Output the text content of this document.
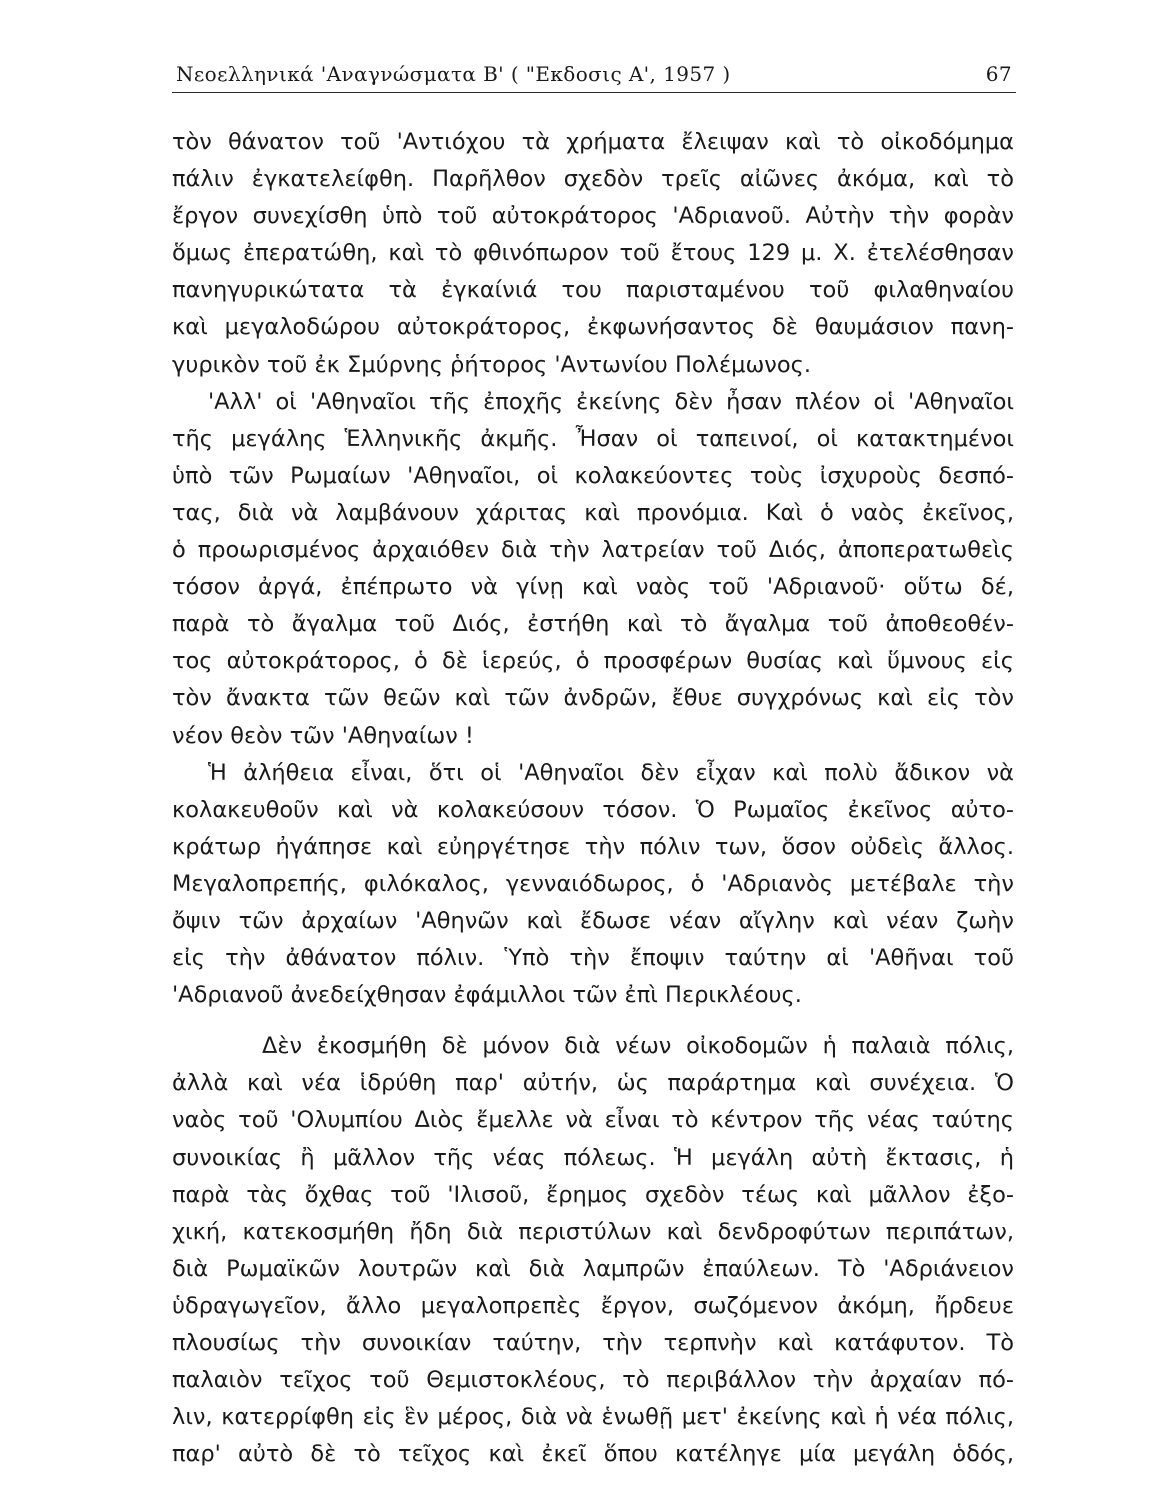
Νεοελληνικά 'Αναγνώσματα Β' ( "Εκδοσις Α', 1957 )	67
τὸν θάνατον τοῦ 'Αντιόχου τὰ χρήματα ἔλειψαν καὶ τὸ οἰκοδόμημα
πάλιν ἐγκατελείφθη. Παρῆλθον σχεδὸν τρεῖς αἰῶνες ἀκόμα, καὶ τὸ
ἔργον συνεχίσθη ὑπὸ τοῦ αὐτοκράτορος 'Αδριανοῦ. Αὐτὴν τὴν φορὰν
ὅμως ἐπερατώθη, καὶ τὸ φθινόπωρον τοῦ ἔτους 129 μ. Χ. ἐτελέσθησαν
πανηγυρικώτατα τὰ ἐγκαίνιά του παρισταμένου τοῦ φιλαθηναίου
καὶ μεγαλοδώρου αὐτοκράτορος, ἐκφωνήσαντος δὲ θαυμάσιον πανη-
γυρικὸν τοῦ ἐκ Σμύρνης ῥήτορος 'Αντωνίου Πολέμωνος.
'Αλλ' οἱ 'Αθηναῖοι τῆς ἐποχῆς ἐκείνης δὲν ἦσαν πλέον οἱ 'Αθηναῖοι
τῆς μεγάλης Ἑλληνικῆς ἀκμῆς. Ἦσαν οἱ ταπεινοί, οἱ κατακτημένοι
ὑπὸ τῶν Ρωμαίων 'Αθηναῖοι, οἱ κολακεύοντες τοὺς ἰσχυροὺς δεσπό-
τας, διὰ νὰ λαμβάνουν χάριτας καὶ προνόμια. Καὶ ὁ ναὸς ἐκεῖνος,
ὁ προωρισμένος ἀρχαιόθεν διὰ τὴν λατρείαν τοῦ Διός, ἀποπερατωθεὶς
τόσον ἀργά, ἐπέπρωτο νὰ γίνῃ καὶ ναὸς τοῦ 'Αδριανοῦ· οὕτω δέ,
παρὰ τὸ ἄγαλμα τοῦ Διός, ἐστήθη καὶ τὸ ἄγαλμα τοῦ ἀποθεοθέν-
τος αὐτοκράτορος, ὁ δὲ ἱερεύς, ὁ προσφέρων θυσίας καὶ ὕμνους εἰς
τὸν ἄνακτα τῶν θεῶν καὶ τῶν ἀνδρῶν, ἔθυε συγχρόνως καὶ εἰς τὸν
νέον θεὸν τῶν 'Αθηναίων !
Ἡ ἀλήθεια εἶναι, ὅτι οἱ 'Αθηναῖοι δὲν εἶχαν καὶ πολὺ ἄδικον νὰ
κολακευθοῦν καὶ νὰ κολακεύσουν τόσον. Ὁ Ρωμαῖος ἐκεῖνος αὐτο-
κράτωρ ἠγάπησε καὶ εὐηργέτησε τὴν πόλιν των, ὅσον οὐδεὶς ἄλλος.
Μεγαλοπρεπής, φιλόκαλος, γενναιόδωρος, ὁ 'Αδριανὸς μετέβαλε τὴν
ὄψιν τῶν ἀρχαίων 'Αθηνῶν καὶ ἔδωσε νέαν αἴγλην καὶ νέαν ζωὴν
εἰς τὴν ἀθάνατον πόλιν. Ὑπὸ τὴν ἔποψιν ταύτην αἱ 'Αθῆναι τοῦ
'Αδριανοῦ ἀνεδείχθησαν ἐφάμιλλοι τῶν ἐπὶ Περικλέους.
Δὲν ἐκοσμήθη δὲ μόνον διὰ νέων οἰκοδομῶν ἡ παλαιὰ πόλις,
ἀλλὰ καὶ νέα ἱδρύθη παρ' αὐτήν, ὡς παράρτημα καὶ συνέχεια. Ὁ
ναὸς τοῦ 'Ολυμπίου Διὸς ἔμελλε νὰ εἶναι τὸ κέντρον τῆς νέας ταύτης
συνοικίας ἢ μᾶλλον τῆς νέας πόλεως. Ἡ μεγάλη αὐτὴ ἔκτασις, ἡ
παρὰ τὰς ὄχθας τοῦ 'Ιλισοῦ, ἔρημος σχεδὸν τέως καὶ μᾶλλον ἐξο-
χική, κατεκοσμήθη ἤδη διὰ περιστύλων καὶ δενδροφύτων περιπάτων,
διὰ Ρωμαϊκῶν λουτρῶν καὶ διὰ λαμπρῶν ἐπαύλεων. Τὸ 'Αδριάνειον
ὑδραγωγεῖον, ἄλλο μεγαλοπρεπὲς ἔργον, σωζόμενον ἀκόμη, ἤρδευε
πλουσίως τὴν συνοικίαν ταύτην, τὴν τερπνὴν καὶ κατάφυτον. Τὸ
παλαιὸν τεῖχος τοῦ Θεμιστοκλέους, τὸ περιβάλλον τὴν ἀρχαίαν πό-
λιν, κατερρίφθη εἰς ἓν μέρος, διὰ νὰ ἑνωθῇ μετ' ἐκείνης καὶ ἡ νέα πόλις,
παρ' αὐτὸ δὲ τὸ τεῖχος καὶ ἐκεῖ ὅπου κατέληγε μία μεγάλη ὁδός,
